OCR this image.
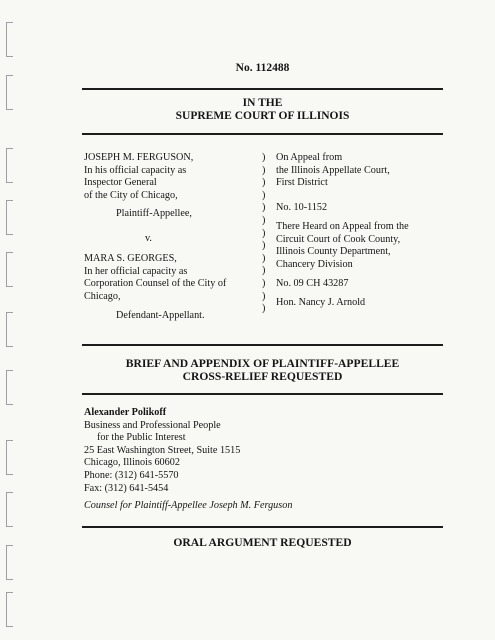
No. 112488
IN THE
SUPREME COURT OF ILLINOIS
JOSEPH M. FERGUSON,
In his official capacity as
Inspector General
of the City of Chicago,
Plaintiff-Appellee,
v.
MARA S. GEORGES,
In her official capacity as
Corporation Counsel of the City of
Chicago,
Defendant-Appellant.
)
)
)
)
)
)
)
)
)
)
)
)
)
On Appeal from
the Illinois Appellate Court,
First District
No. 10-1152
There Heard on Appeal from the
Circuit Court of Cook County,
Illinois County Department,
Chancery Division
No. 09 CH 43287
Hon. Nancy J. Arnold
BRIEF AND APPENDIX OF PLAINTIFF-APPELLEE
CROSS-RELIEF REQUESTED
Alexander Polikoff
Business and Professional People
for the Public Interest
25 East Washington Street, Suite 1515
Chicago, Illinois 60602
Phone: (312) 641-5570
Fax: (312) 641-5454
Counsel for Plaintiff-Appellee Joseph M. Ferguson
ORAL ARGUMENT REQUESTED
